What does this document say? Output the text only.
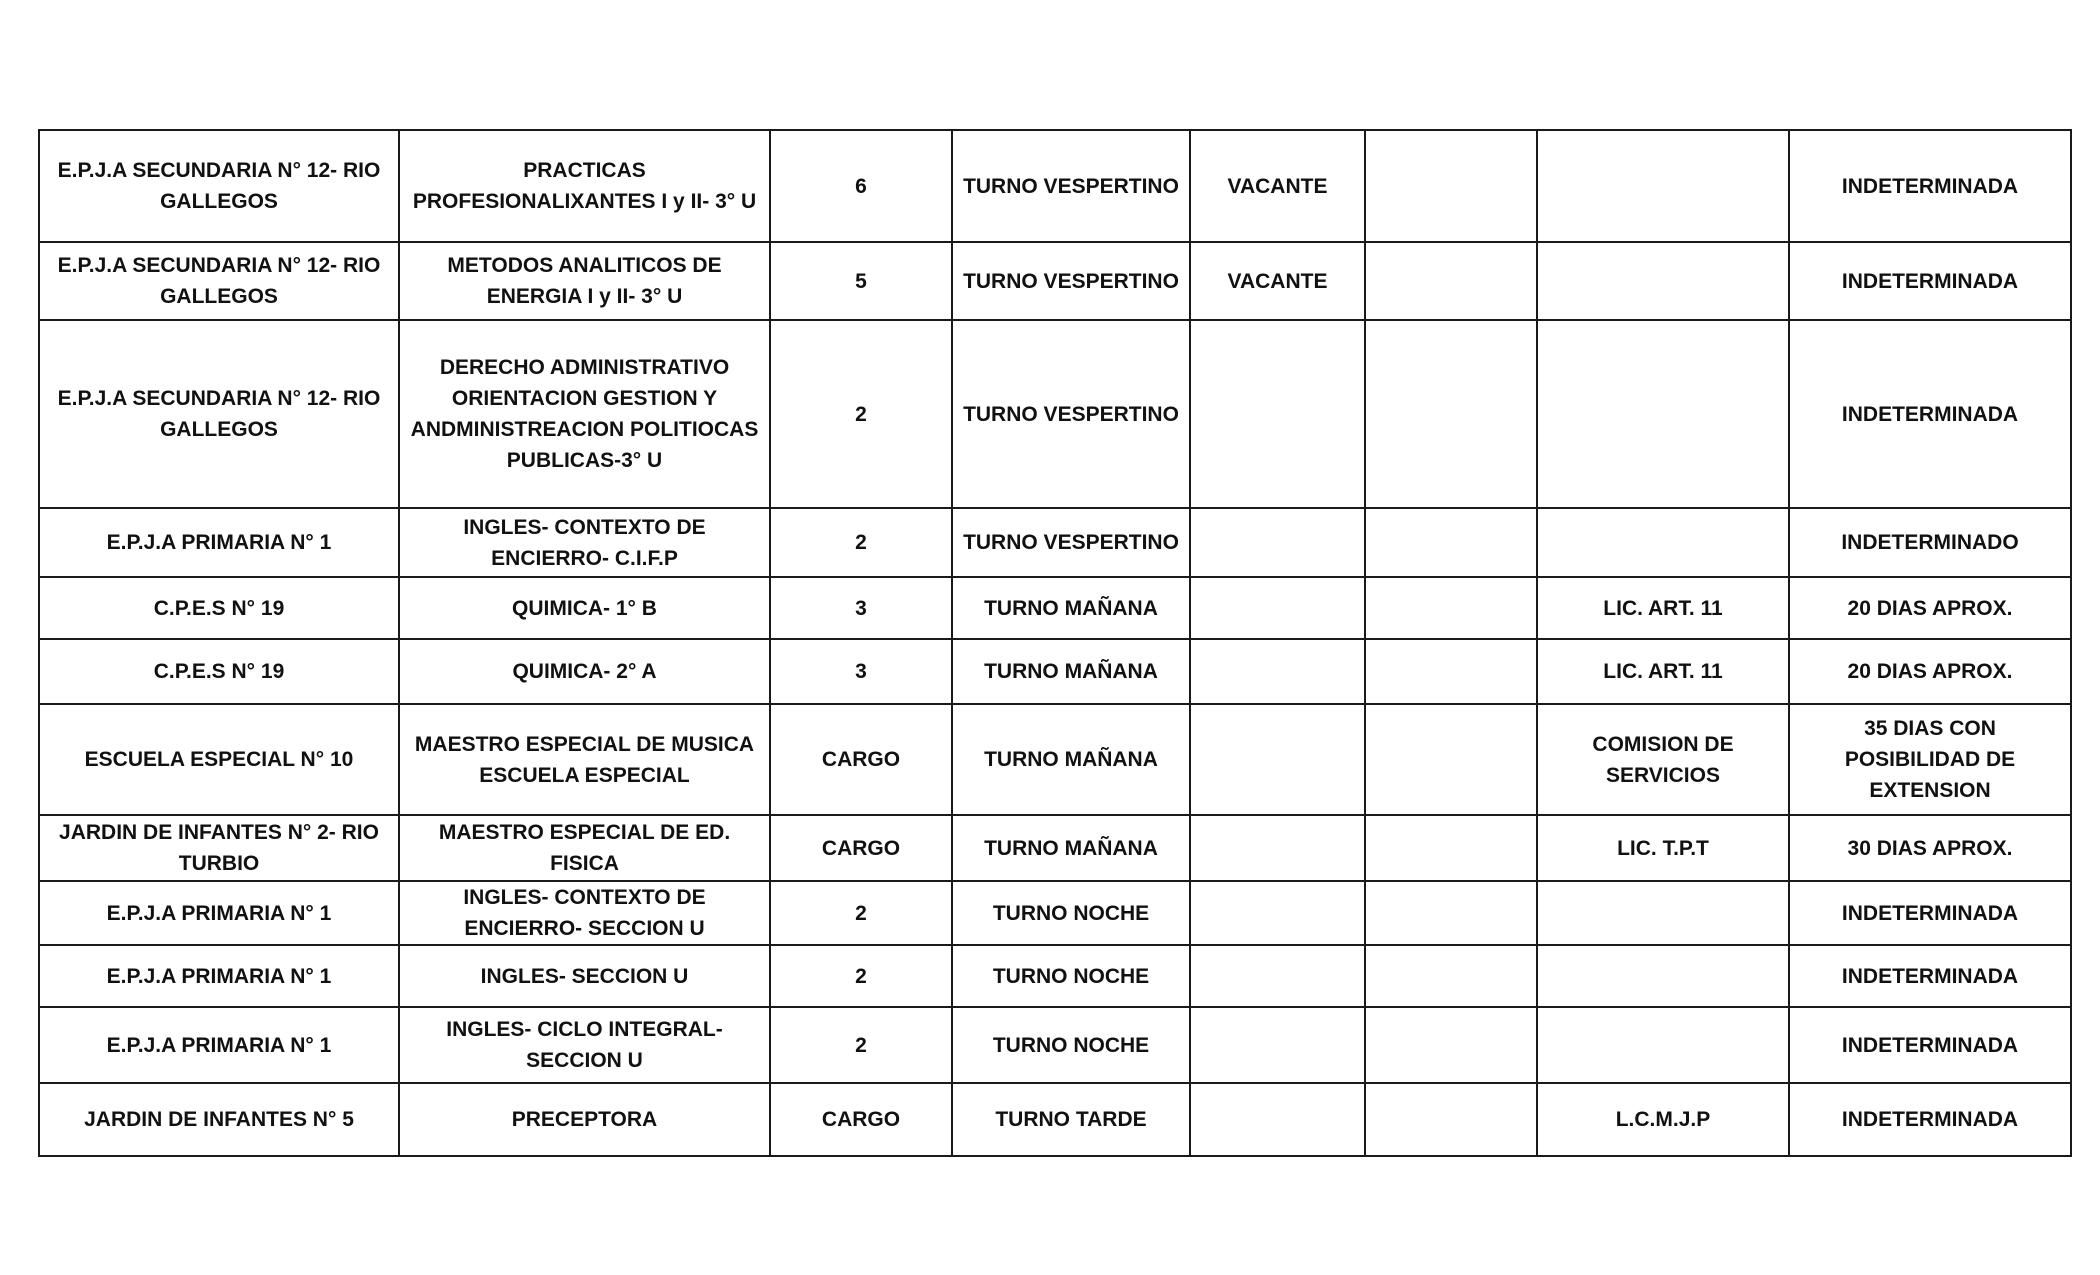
E.P.J.A SECUNDARIA N° 12- RIO GALLEGOS	PRACTICAS PROFESIONALIXANTES I y II- 3° U	6	TURNO VESPERTINO	VACANTE			INDETERMINADA
E.P.J.A SECUNDARIA N° 12- RIO GALLEGOS	METODOS ANALITICOS DE ENERGIA I y II- 3° U	5	TURNO VESPERTINO	VACANTE			INDETERMINADA
E.P.J.A SECUNDARIA N° 12- RIO GALLEGOS	DERECHO ADMINISTRATIVO ORIENTACION GESTION Y ANDMINISTREACION POLITIOCAS PUBLICAS-3° U	2	TURNO VESPERTINO				INDETERMINADA
E.P.J.A PRIMARIA N° 1	INGLES- CONTEXTO DE ENCIERRO- C.I.F.P	2	TURNO VESPERTINO				INDETERMINADO
C.P.E.S N° 19	QUIMICA- 1° B	3	TURNO MAÑANA			LIC. ART. 11	20 DIAS APROX.
C.P.E.S N° 19	QUIMICA- 2° A	3	TURNO MAÑANA			LIC. ART. 11	20 DIAS APROX.
ESCUELA ESPECIAL N° 10	MAESTRO ESPECIAL DE MUSICA ESCUELA ESPECIAL	CARGO	TURNO MAÑANA			COMISION DE SERVICIOS	35 DIAS CON POSIBILIDAD DE EXTENSION
JARDIN DE INFANTES N° 2- RIO TURBIO	MAESTRO ESPECIAL DE ED. FISICA	CARGO	TURNO MAÑANA			LIC. T.P.T	30 DIAS APROX.
E.P.J.A PRIMARIA N° 1	INGLES- CONTEXTO DE ENCIERRO- SECCION U	2	TURNO NOCHE				INDETERMINADA
E.P.J.A PRIMARIA N° 1	INGLES- SECCION U	2	TURNO NOCHE				INDETERMINADA
E.P.J.A PRIMARIA N° 1	INGLES- CICLO INTEGRAL- SECCION U	2	TURNO NOCHE				INDETERMINADA
JARDIN DE INFANTES N° 5	PRECEPTORA	CARGO	TURNO TARDE			L.C.M.J.P	INDETERMINADA
